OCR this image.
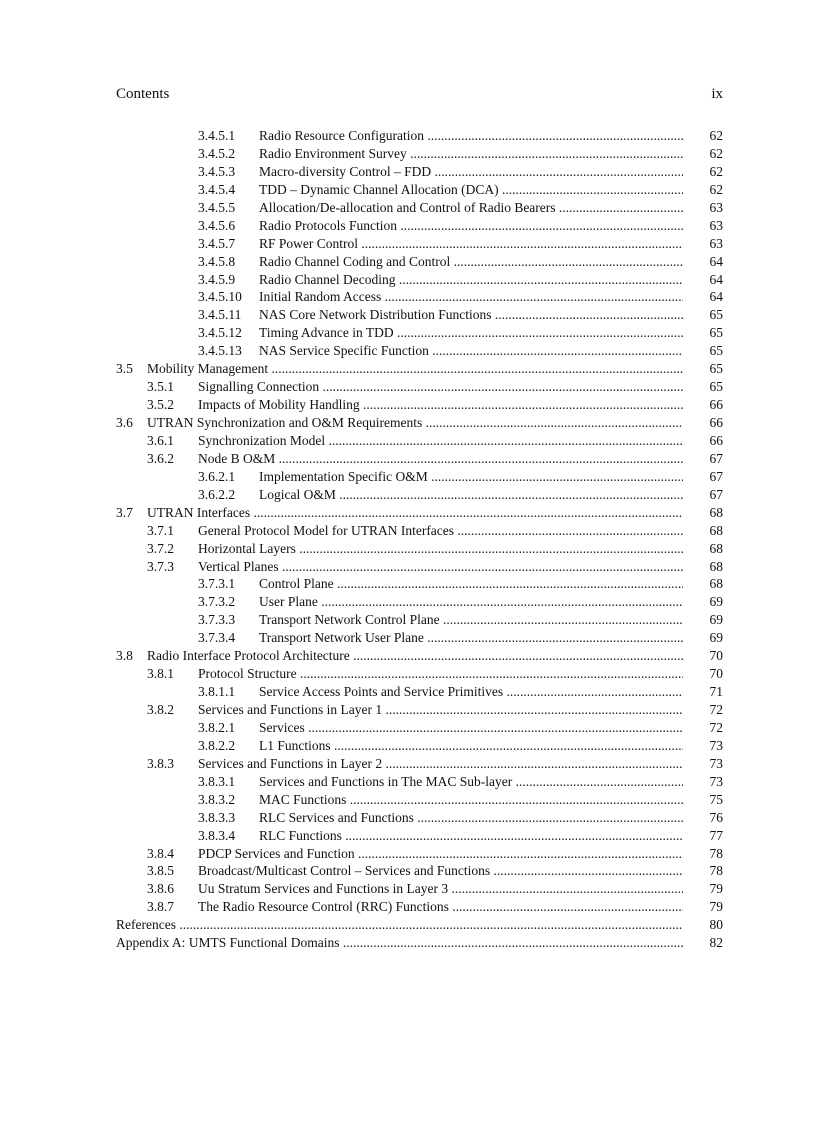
Contents	ix
3.4.5.1 Radio Resource Configuration .....	62
3.4.5.2 Radio Environment Survey .....	62
3.4.5.3 Macro-diversity Control – FDD .....	62
3.4.5.4 TDD – Dynamic Channel Allocation (DCA) .....	62
3.4.5.5 Allocation/De-allocation and Control of Radio Bearers .....	63
3.4.5.6 Radio Protocols Function .....	63
3.4.5.7 RF Power Control .....	63
3.4.5.8 Radio Channel Coding and Control .....	64
3.4.5.9 Radio Channel Decoding .....	64
3.4.5.10 Initial Random Access .....	64
3.4.5.11 NAS Core Network Distribution Functions .....	65
3.4.5.12 Timing Advance in TDD .....	65
3.4.5.13 NAS Service Specific Function .....	65
3.5 Mobility Management .....	65
3.5.1 Signalling Connection .....	65
3.5.2 Impacts of Mobility Handling .....	66
3.6 UTRAN Synchronization and O&M Requirements .....	66
3.6.1 Synchronization Model .....	66
3.6.2 Node B O&M .....	67
3.6.2.1 Implementation Specific O&M .....	67
3.6.2.2 Logical O&M .....	67
3.7 UTRAN Interfaces .....	68
3.7.1 General Protocol Model for UTRAN Interfaces .....	68
3.7.2 Horizontal Layers .....	68
3.7.3 Vertical Planes .....	68
3.7.3.1 Control Plane .....	68
3.7.3.2 User Plane .....	69
3.7.3.3 Transport Network Control Plane .....	69
3.7.3.4 Transport Network User Plane .....	69
3.8 Radio Interface Protocol Architecture .....	70
3.8.1 Protocol Structure .....	70
3.8.1.1 Service Access Points and Service Primitives .....	71
3.8.2 Services and Functions in Layer 1 .....	72
3.8.2.1 Services .....	72
3.8.2.2 L1 Functions .....	73
3.8.3 Services and Functions in Layer 2 .....	73
3.8.3.1 Services and Functions in The MAC Sub-layer .....	73
3.8.3.2 MAC Functions .....	75
3.8.3.3 RLC Services and Functions .....	76
3.8.3.4 RLC Functions .....	77
3.8.4 PDCP Services and Function .....	78
3.8.5 Broadcast/Multicast Control – Services and Functions .....	78
3.8.6 Uu Stratum Services and Functions in Layer 3 .....	79
3.8.7 The Radio Resource Control (RRC) Functions .....	79
References .....	80
Appendix A: UMTS Functional Domains .....	82
